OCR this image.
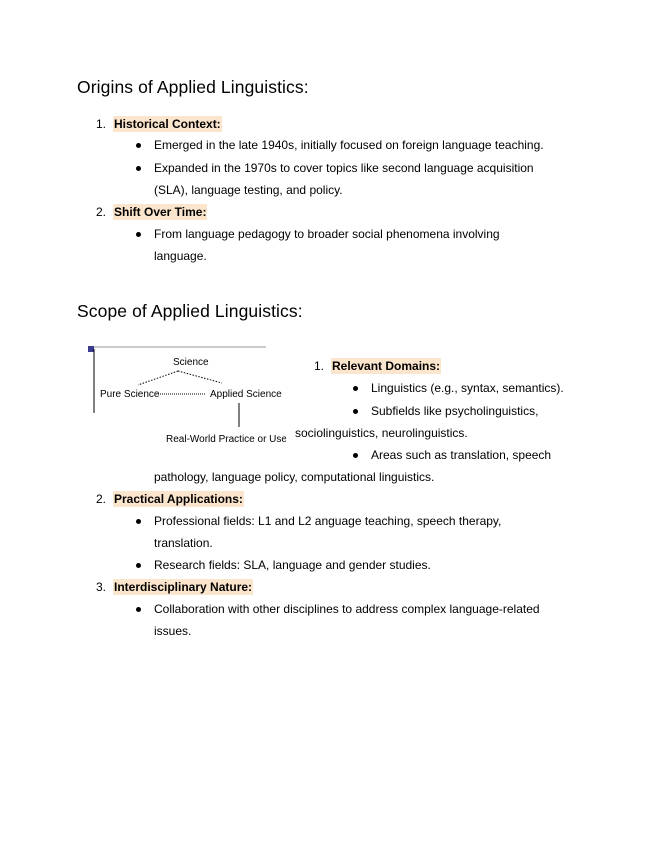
Origins of Applied Linguistics:
1. Historical Context:
Emerged in the late 1940s, initially focused on foreign language teaching.
Expanded in the 1970s to cover topics like second language acquisition
(SLA), language testing, and policy.
2. Shift Over Time:
From language pedagogy to broader social phenomena involving
language.
Scope of Applied Linguistics:
Science
Pure Science	Applied Science
Real-World Practice or Use
1. Relevant Domains:
Linguistics (e.g., syntax, semantics).
Subfields like psycholinguistics,
sociolinguistics, neurolinguistics.
Areas such as translation, speech
pathology, language policy, computational linguistics.
2. Practical Applications:
Professional fields: L1 and L2 anguage teaching, speech therapy,
translation.
Research fields: SLA, language and gender studies.
3. Interdisciplinary Nature:
Collaboration with other disciplines to address complex language-related
issues.
